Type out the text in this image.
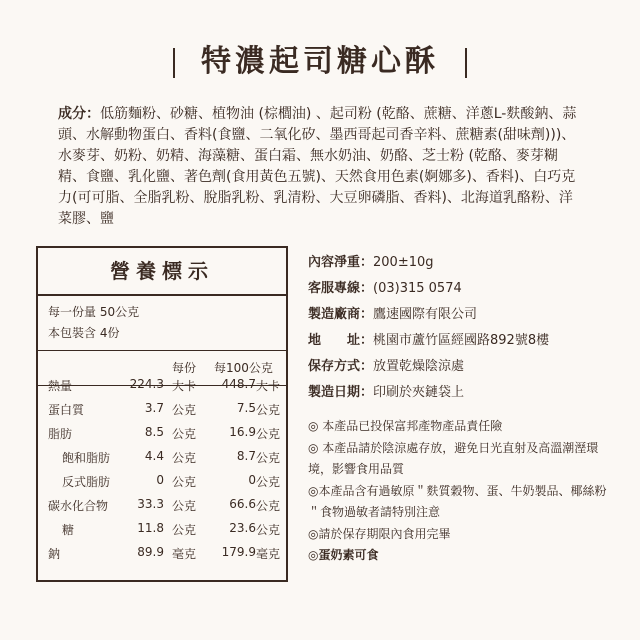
特濃起司糖心酥
成分：低筋麵粉、砂糖、植物油 (棕櫚油) 、起司粉 (乾酪、蔗糖、洋蔥L-麩酸鈉、蒜頭、水解動物蛋白、香料(食鹽、二氧化矽、墨西哥起司香辛料、蔗糖素(甜味劑)))、水麥芽、奶粉、奶精、海藻糖、蛋白霜、無水奶油、奶酪、芝士粉 (乾酪、麥芽糊精、食鹽、乳化鹽、著色劑(食用黃色五號)、天然食用色素(婀娜多)、香料)、白巧克力(可可脂、全脂乳粉、脫脂乳粉、乳清粉、大豆卵磷脂、香料)、北海道乳酪粉、洋菜膠、鹽
營養標示
每一份量 50公克
本包裝含 4份
每份 每100公克
熱量	224.3 大卡 448.7 大卡
蛋白質	3.7 公克	7.5 公克
脂肪	8.5 公克	16.9 公克
飽和脂肪	4.4 公克	8.7 公克
反式脂肪	0 公克	0 公克
碳水化合物 33.3 公克	66.6 公克
糖	11.8 公克	23.6 公克
鈉	89.9 毫克 179.9 毫克
內容淨重：200±10g
客服專線：(03)315 0574
製造廠商：鷹速國際有限公司
地　　址：桃園市蘆竹區經國路892號8樓
保存方式：放置乾燥陰涼處
製造日期：印刷於夾鏈袋上
◎ 本產品已投保富邦產物產品責任險
◎ 本產品請於陰涼處存放，避免日光直射及高溫潮溼環境，影響食用品質
◎本產品含有過敏原＂麩質穀物、蛋、牛奶製品、椰絲粉＂食物過敏者請特別注意
◎請於保存期限內食用完畢
◎蛋奶素可食
